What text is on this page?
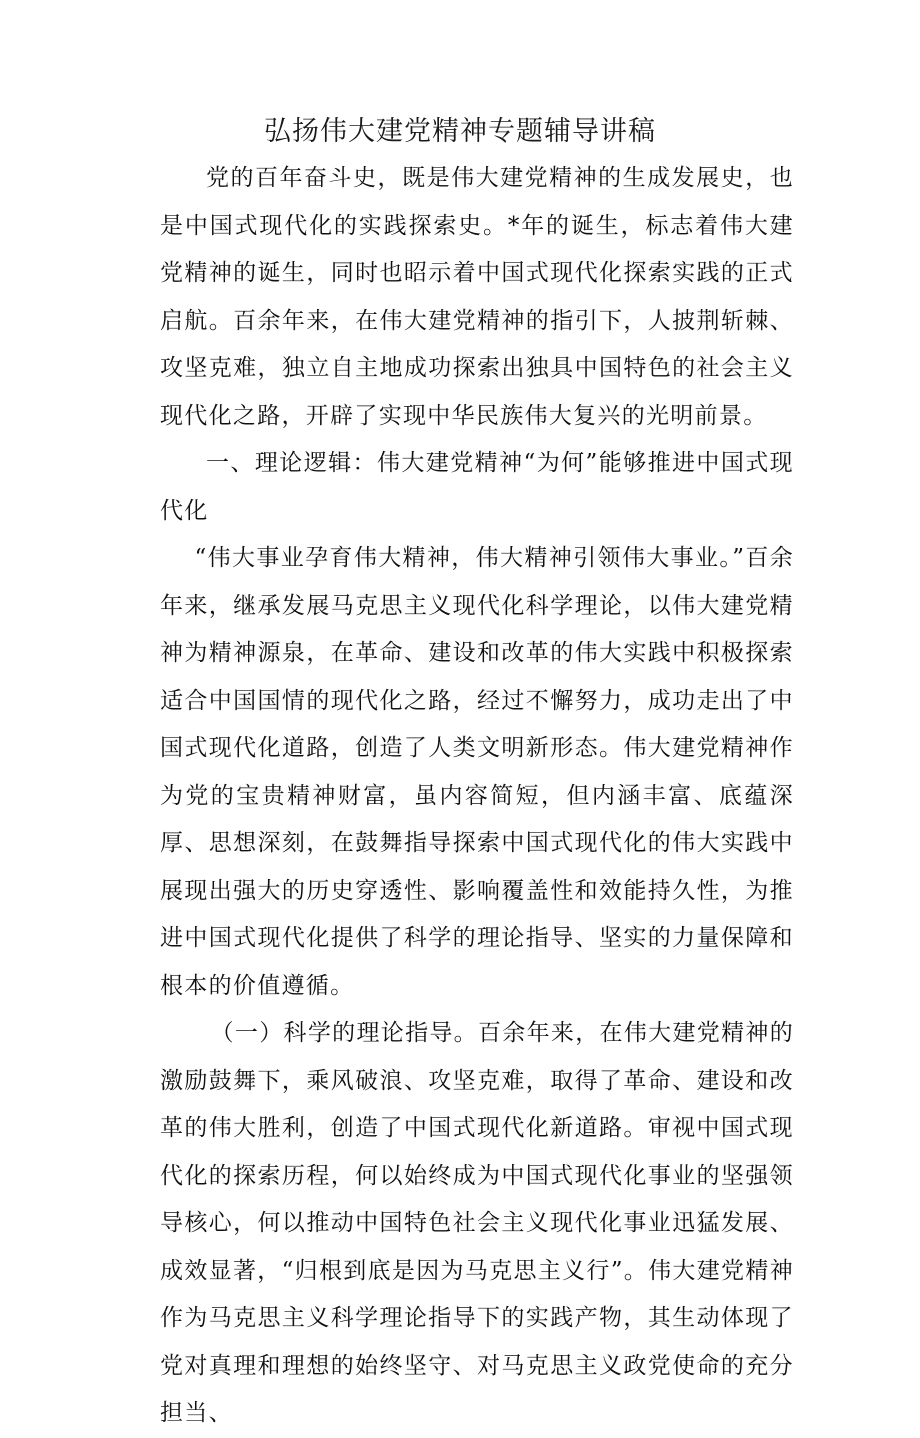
弘扬伟大建党精神专题辅导讲稿

党的百年奋斗史，既是伟大建党精神的生成发展史，也是中国式现代化的实践探索史。*年的诞生，标志着伟大建党精神的诞生，同时也昭示着中国式现代化探索实践的正式启航。百余年来，在伟大建党精神的指引下，人披荆斩棘、攻坚克难，独立自主地成功探索出独具中国特色的社会主义现代化之路，开辟了实现中华民族伟大复兴的光明前景。

一、理论逻辑：伟大建党精神“为何”能够推进中国式现代化

“伟大事业孕育伟大精神，伟大精神引领伟大事业。”百余年来，继承发展马克思主义现代化科学理论，以伟大建党精神为精神源泉，在革命、建设和改革的伟大实践中积极探索适合中国国情的现代化之路，经过不懈努力，成功走出了中国式现代化道路，创造了人类文明新形态。伟大建党精神作为党的宝贵精神财富，虽内容简短，但内涵丰富、底蕴深厚、思想深刻，在鼓舞指导探索中国式现代化的伟大实践中展现出强大的历史穿透性、影响覆盖性和效能持久性，为推进中国式现代化提供了科学的理论指导、坚实的力量保障和根本的价值遵循。

（一）科学的理论指导。百余年来，在伟大建党精神的激励鼓舞下，乘风破浪、攻坚克难，取得了革命、建设和改革的伟大胜利，创造了中国式现代化新道路。审视中国式现代化的探索历程，何以始终成为中国式现代化事业的坚强领导核心，何以推动中国特色社会主义现代化事业迅猛发展、成效显著，“归根到底是因为马克思主义行”。伟大建党精神作为马克思主义科学理论指导下的实践产物，其生动体现了党对真理和理想的始终坚守、对马克思主义政党使命的充分担当、
